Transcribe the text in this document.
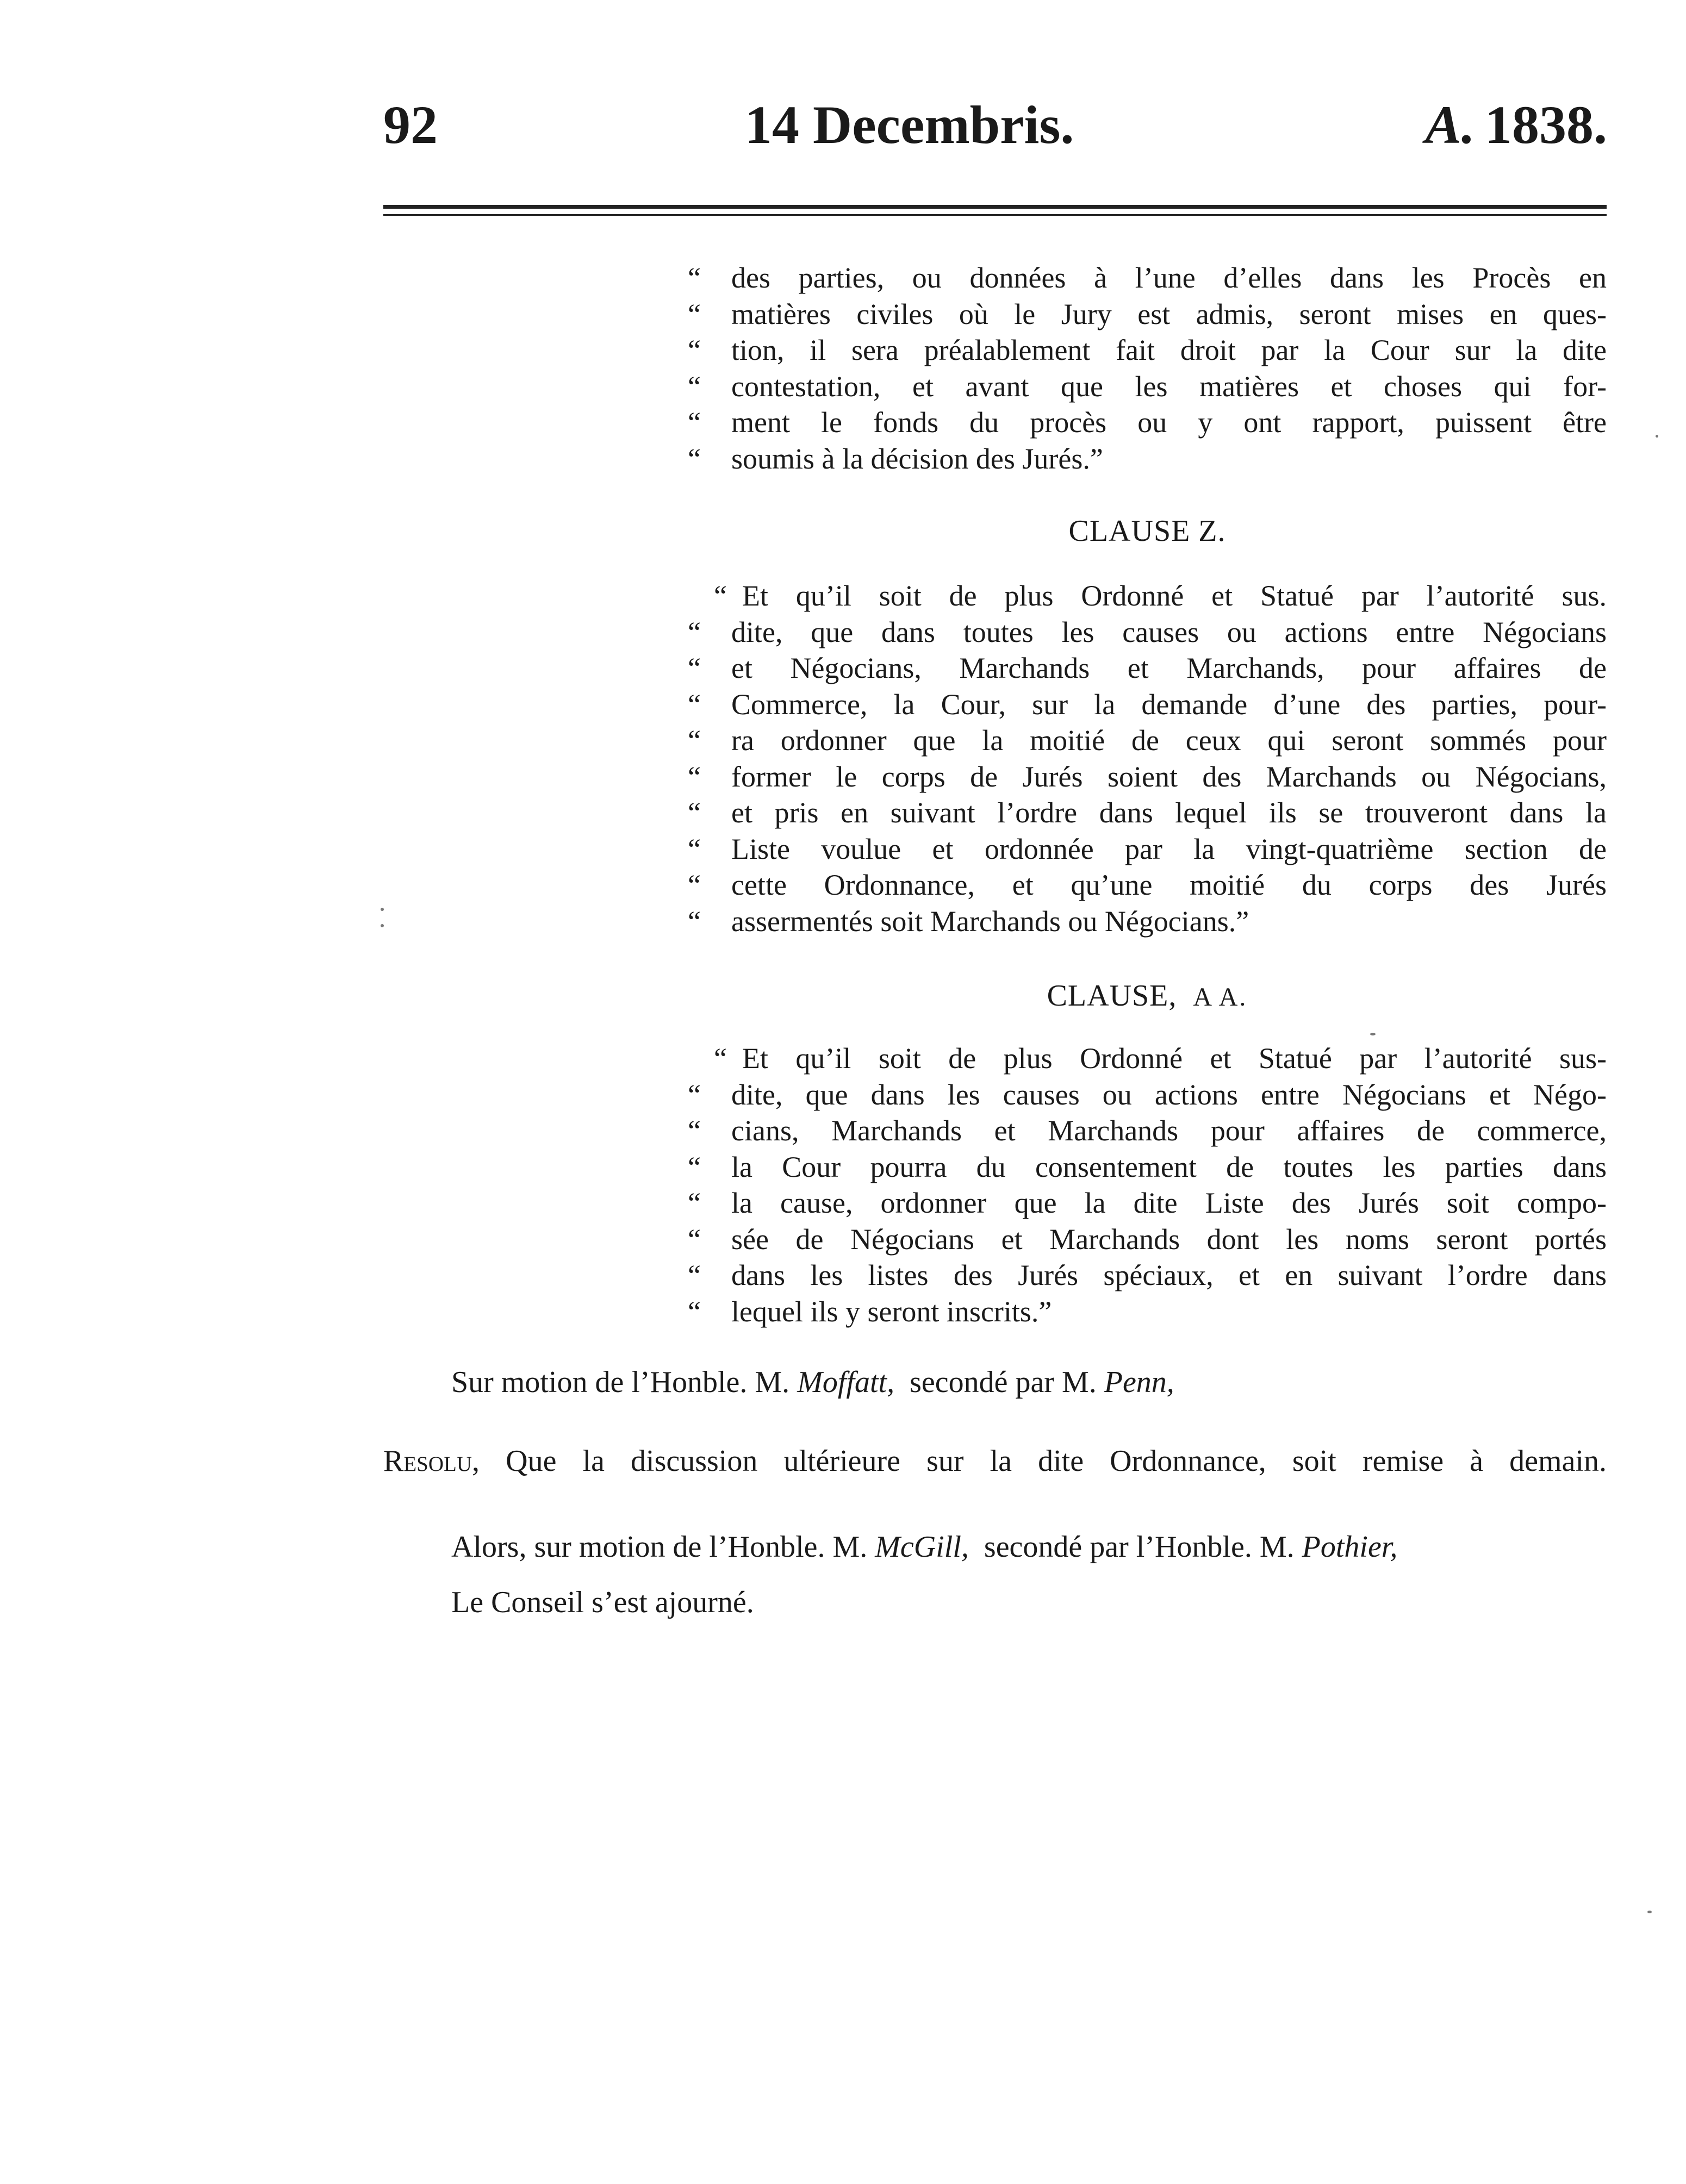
92	14 Decembris.	A. 1838.
“ des parties, ou données à l’une d’elles dans les Procès en
“ matières civiles où le Jury est admis, seront mises en ques-
“ tion, il sera préalablement fait droit par la Cour sur la dite
“ contestation, et avant que les matières et choses qui for-
“ ment le fonds du procès ou y ont rapport, puissent être
“ soumis à la décision des Jurés.”
CLAUSE Z.
“ Et qu’il soit de plus Ordonné et Statué par l’autorité sus.
“ dite, que dans toutes les causes ou actions entre Négocians
“ et Négocians, Marchands et Marchands, pour affaires de
“ Commerce, la Cour, sur la demande d’une des parties, pour-
“ ra ordonner que la moitié de ceux qui seront sommés pour
“ former le corps de Jurés soient des Marchands ou Négocians,
“ et pris en suivant l’ordre dans lequel ils se trouveront dans la
“ Liste voulue et ordonnée par la vingt-quatrième section de
“ cette Ordonnance, et qu’une moitié du corps des Jurés
“ assermentés soit Marchands ou Négocians.”
CLAUSE, A A.
“ Et qu’il soit de plus Ordonné et Statué par l’autorité sus-
“ dite, que dans les causes ou actions entre Négocians et Négo-
“ cians, Marchands et Marchands pour affaires de commerce,
“ la Cour pourra du consentement de toutes les parties dans
“ la cause, ordonner que la dite Liste des Jurés soit compo-
“ sée de Négocians et Marchands dont les noms seront portés
“ dans les listes des Jurés spéciaux, et en suivant l’ordre dans
“ lequel ils y seront inscrits.”
Sur motion de l’Honble. M. Moffatt, secondé par M. Penn,
Resolu, Que la discussion ultérieure sur la dite Ordonnance, soit remise à demain.
Alors, sur motion de l’Honble. M. McGill, secondé par l’Honble. M. Pothier,
Le Conseil s’est ajourné.
